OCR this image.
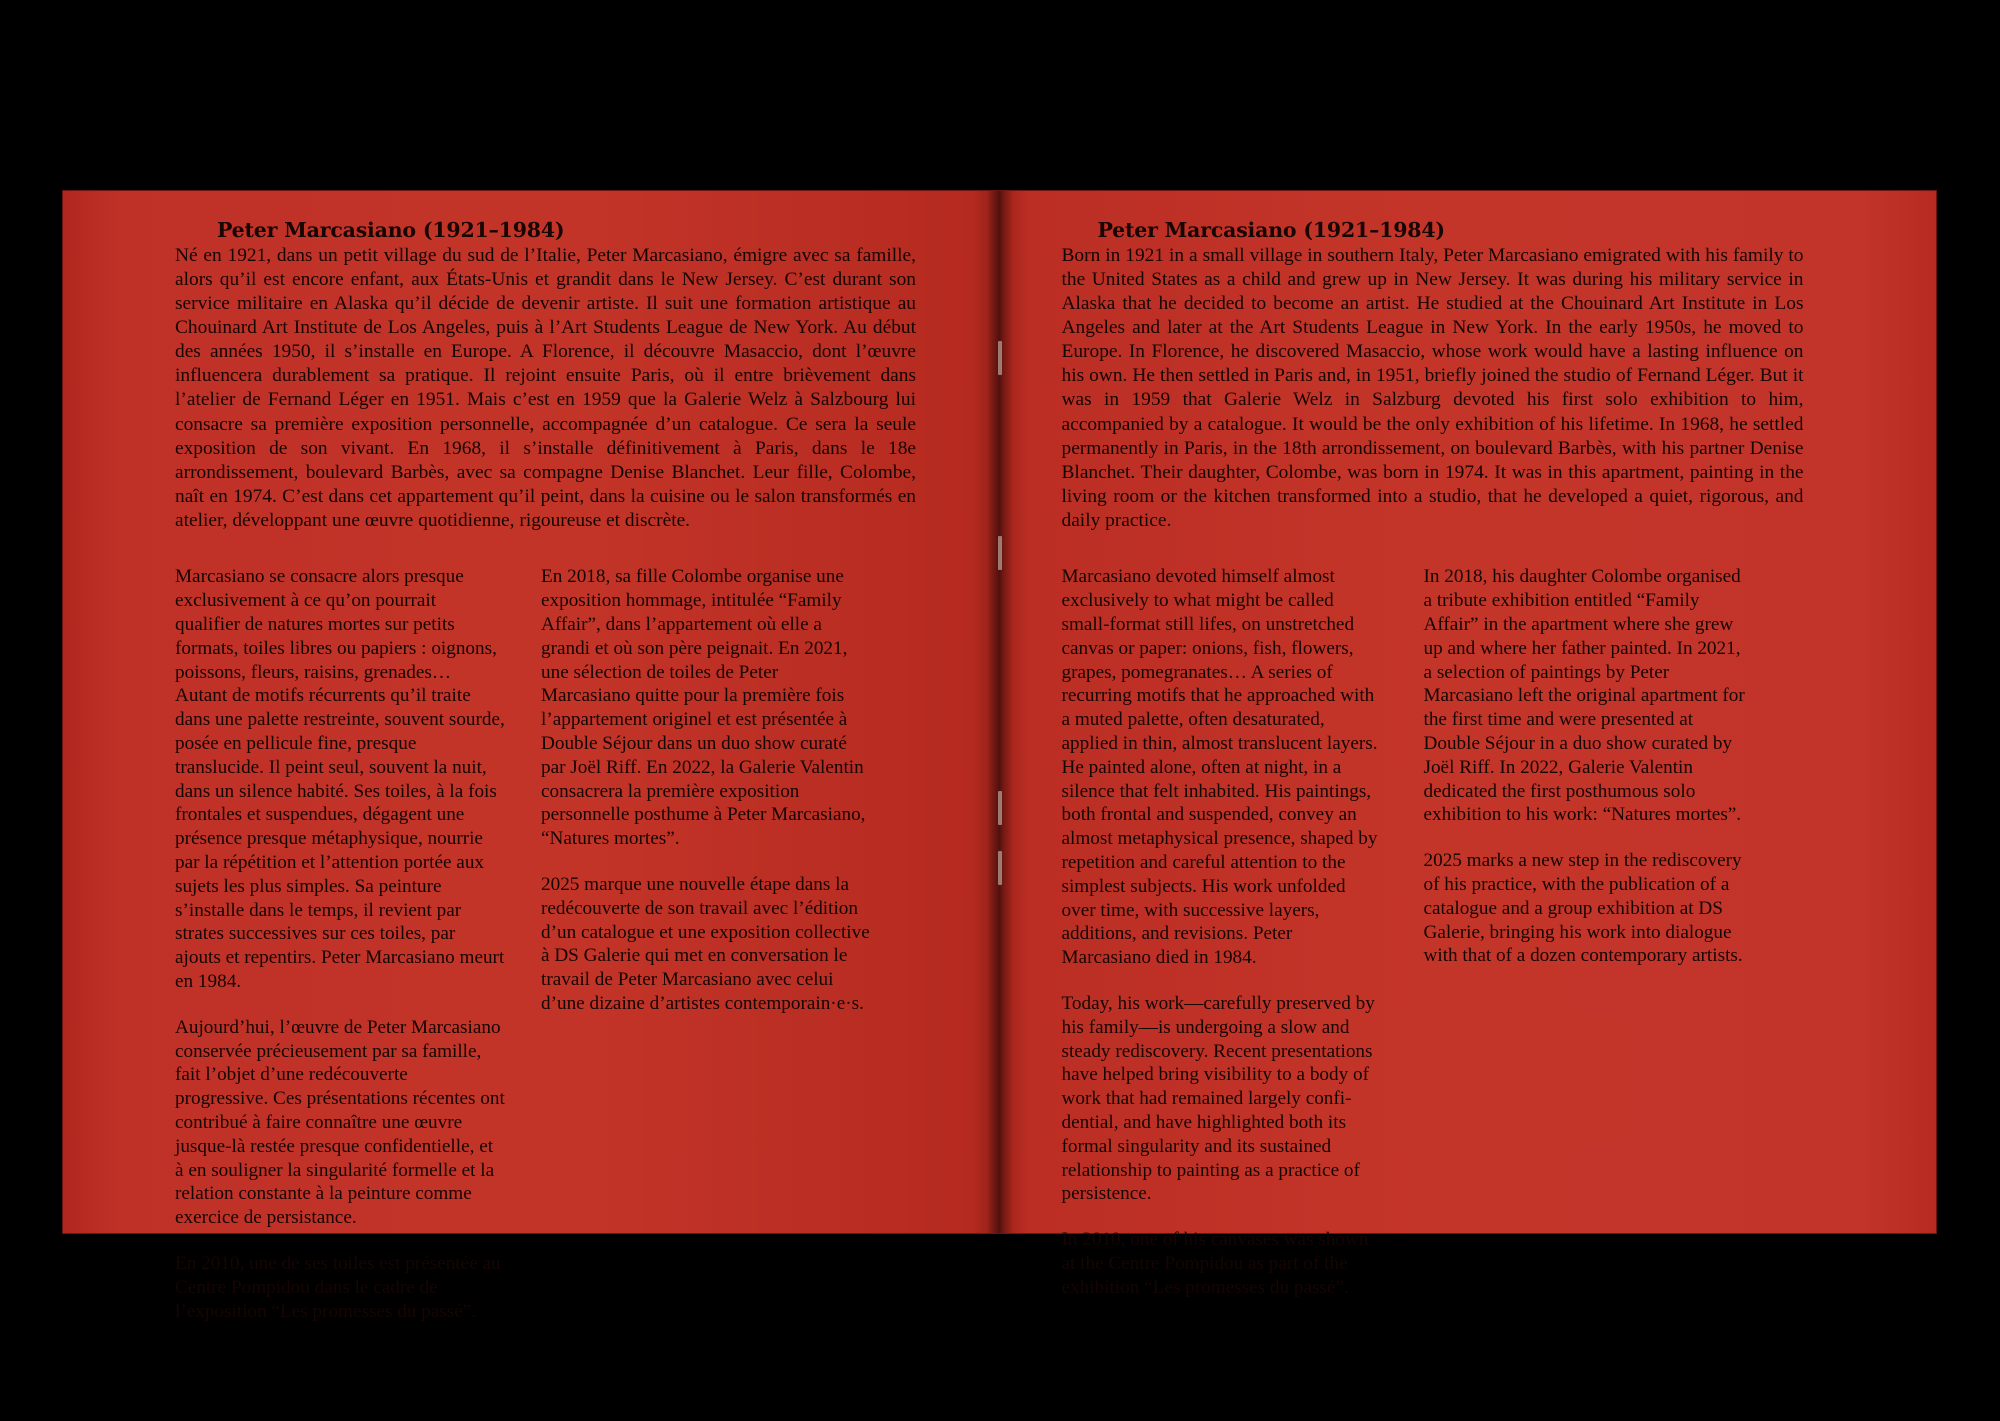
Peter Marcasiano (1921–1984)

Né en 1921, dans un petit village du sud de l’Italie, Peter Marcasiano, émigre avec sa famille, alors qu’il est encore enfant, aux États-Unis et grandit dans le New Jersey. C’est durant son service militaire en Alaska qu’il décide de devenir artiste. Il suit une formation artistique au Chouinard Art Institute de Los Angeles, puis à l’Art Students League de New York. Au début des années 1950, il s’installe en Europe. A Florence, il découvre Masaccio, dont l’œuvre influencera durablement sa pratique. Il rejoint ensuite Paris, où il entre brièvement dans l’atelier de Fernand Léger en 1951. Mais c’est en 1959 que la Galerie Welz à Salzbourg lui consacre sa première exposition personnelle, accompagnée d’un catalogue. Ce sera la seule exposition de son vivant. En 1968, il s’installe définitivement à Paris, dans le 18e arrondissement, boulevard Barbès, avec sa compagne Denise Blanchet. Leur fille, Colombe, naît en 1974. C’est dans cet appartement qu’il peint, dans la cuisine ou le salon transformés en atelier, développant une œuvre quotidienne, rigoureuse et discrète.

Marcasiano se consacre alors presque exclusivement à ce qu’on pourrait qualifier de natures mortes sur petits formats, toiles libres ou papiers : oignons, poissons, fleurs, raisins, grenades… Autant de motifs récurrents qu’il traite dans une palette restreinte, souvent sourde, posée en pellicule fine, presque translucide. Il peint seul, souvent la nuit, dans un silence habité. Ses toiles, à la fois frontales et suspendues, dégagent une présence presque métaphysique, nourrie par la répétition et l’attention portée aux sujets les plus simples. Sa peinture s’installe dans le temps, il revient par strates successives sur ces toiles, par ajouts et repentirs. Peter Marcasiano meurt en 1984.

Aujourd’hui, l’œuvre de Peter Marcasiano conservée précieusement par sa famille, fait l’objet d’une redécouverte progressive. Ces présentations récentes ont contribué à faire connaître une œuvre jusque-là restée presque confidentielle, et à en souligner la singularité formelle et la relation constante à la peinture comme exercice de persistance.

En 2010, une de ses toiles est présentée au Centre Pompidou dans le cadre de l’exposition “Les promesses du passé”.

En 2018, sa fille Colombe organise une exposition hommage, intitulée “Family Affair”, dans l’appartement où elle a grandi et où son père peignait. En 2021, une sélection de toiles de Peter Marcasiano quitte pour la première fois l’appartement originel et est présentée à Double Séjour dans un duo show curaté par Joël Riff. En 2022, la Galerie Valentin consacrera la première exposition personnelle posthume à Peter Marcasiano, “Natures mortes”.

2025 marque une nouvelle étape dans la redécouverte de son travail avec l’édition d’un catalogue et une exposition collective à DS Galerie qui met en conversation le travail de Peter Marcasiano avec celui d’une dizaine d’artistes contemporain·e·s.

Peter Marcasiano (1921–1984)

Born in 1921 in a small village in southern Italy, Peter Marcasiano emigrated with his family to the United States as a child and grew up in New Jersey. It was during his military service in Alaska that he decided to become an artist. He studied at the Chouinard Art Institute in Los Angeles and later at the Art Students League in New York. In the early 1950s, he moved to Europe. In Florence, he discovered Masaccio, whose work would have a lasting influence on his own. He then settled in Paris and, in 1951, briefly joined the studio of Fernand Léger. But it was in 1959 that Galerie Welz in Salzburg devoted his first solo exhibition to him, accompanied by a catalogue. It would be the only exhibition of his lifetime. In 1968, he settled permanently in Paris, in the 18th arrondissement, on boulevard Barbès, with his partner Denise Blanchet. Their daughter, Colombe, was born in 1974. It was in this apartment, painting in the living room or the kitchen transformed into a studio, that he developed a quiet, rigorous, and daily practice.

Marcasiano devoted himself almost exclusively to what might be called small-format still lifes, on unstretched canvas or paper: onions, fish, flowers, grapes, pomegranates… A series of recurring motifs that he approached with a muted palette, often desaturated, applied in thin, almost translucent layers. He painted alone, often at night, in a silence that felt inhabited. His paintings, both frontal and suspended, convey an almost metaphysical presence, shaped by repetition and careful attention to the simplest subjects. His work unfolded over time, with successive layers, additions, and revisions. Peter Marcasiano died in 1984.

Today, his work—carefully preserved by his family—is undergoing a slow and steady rediscovery. Recent presentations have helped bring visibility to a body of work that had remained largely confidential, and have highlighted both its formal singularity and its sustained relationship to painting as a practice of persistence.

In 2010, one of his canvases was shown at the Centre Pompidou as part of the exhibition “Les promesses du passé”.

In 2018, his daughter Colombe organised a tribute exhibition entitled “Family Affair” in the apartment where she grew up and where her father painted. In 2021, a selection of paintings by Peter Marcasiano left the original apartment for the first time and were presented at Double Séjour in a duo show curated by Joël Riff. In 2022, Galerie Valentin dedicated the first posthumous solo exhibition to his work: “Natures mortes”.

2025 marks a new step in the rediscovery of his practice, with the publication of a catalogue and a group exhibition at DS Galerie, bringing his work into dialogue with that of a dozen contemporary artists.
